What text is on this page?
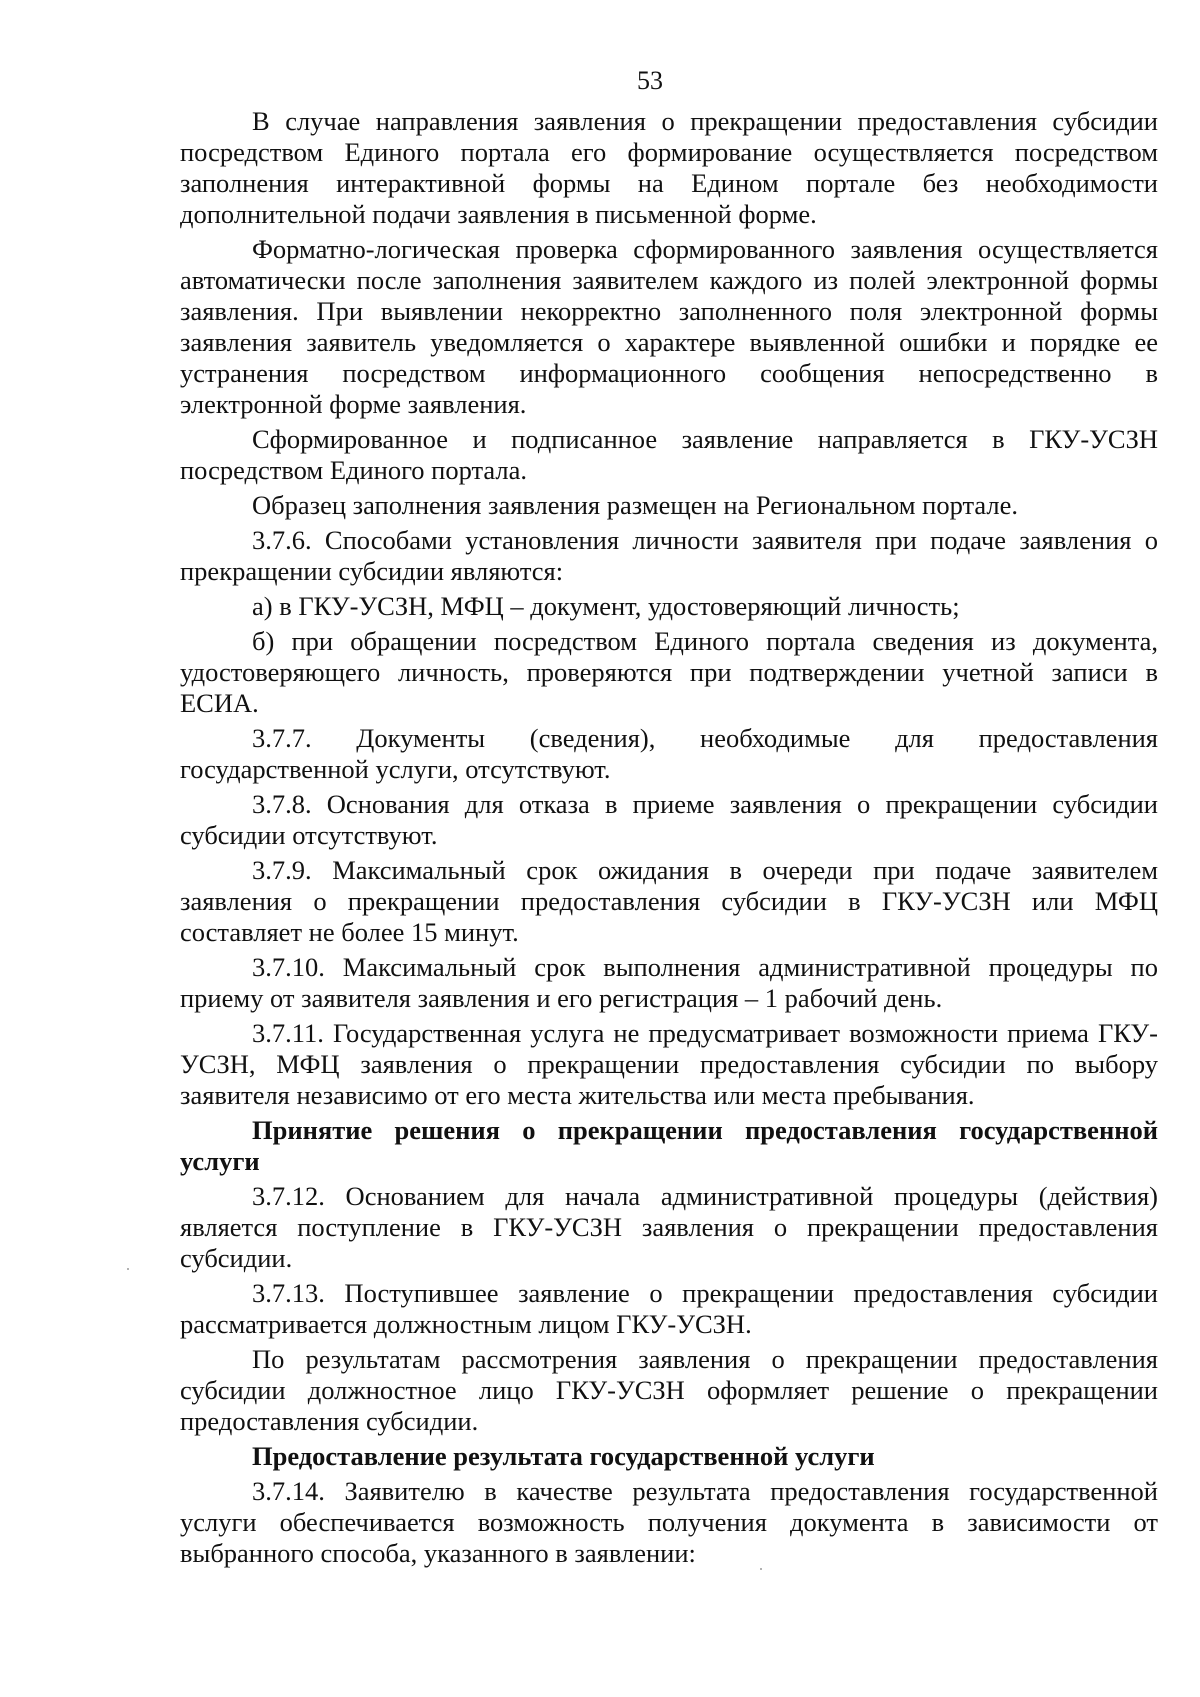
53

В случае направления заявления о прекращении предоставления субсидии посредством Единого портала его формирование осуществляется посредством заполнения интерактивной формы на Едином портале без необходимости дополнительной подачи заявления в письменной форме.

Форматно-логическая проверка сформированного заявления осуществляется автоматически после заполнения заявителем каждого из полей электронной формы заявления. При выявлении некорректно заполненного поля электронной формы заявления заявитель уведомляется о характере выявленной ошибки и порядке ее устранения посредством информационного сообщения непосредственно в электронной форме заявления.

Сформированное и подписанное заявление направляется в ГКУ-УСЗН посредством Единого портала.

Образец заполнения заявления размещен на Региональном портале.

3.7.6. Способами установления личности заявителя при подаче заявления о прекращении субсидии являются:

а) в ГКУ-УСЗН, МФЦ – документ, удостоверяющий личность;

б) при обращении посредством Единого портала сведения из документа, удостоверяющего личность, проверяются при подтверждении учетной записи в ЕСИА.

3.7.7. Документы (сведения), необходимые для предоставления государственной услуги, отсутствуют.

3.7.8. Основания для отказа в приеме заявления о прекращении субсидии субсидии отсутствуют.

3.7.9. Максимальный срок ожидания в очереди при подаче заявителем заявления о прекращении предоставления субсидии в ГКУ-УСЗН или МФЦ составляет не более 15 минут.

3.7.10. Максимальный срок выполнения административной процедуры по приему от заявителя заявления и его регистрация – 1 рабочий день.

3.7.11. Государственная услуга не предусматривает возможности приема ГКУ-УСЗН, МФЦ заявления о прекращении предоставления субсидии по выбору заявителя независимо от его места жительства или места пребывания.

Принятие решения о прекращении предоставления государственной услуги

3.7.12. Основанием для начала административной процедуры (действия) является поступление в ГКУ-УСЗН заявления о прекращении предоставления субсидии.

3.7.13. Поступившее заявление о прекращении предоставления субсидии рассматривается должностным лицом ГКУ-УСЗН.

По результатам рассмотрения заявления о прекращении предоставления субсидии должностное лицо ГКУ-УСЗН оформляет решение о прекращении предоставления субсидии.

Предоставление результата государственной услуги

3.7.14. Заявителю в качестве результата предоставления государственной услуги обеспечивается возможность получения документа в зависимости от выбранного способа, указанного в заявлении:
